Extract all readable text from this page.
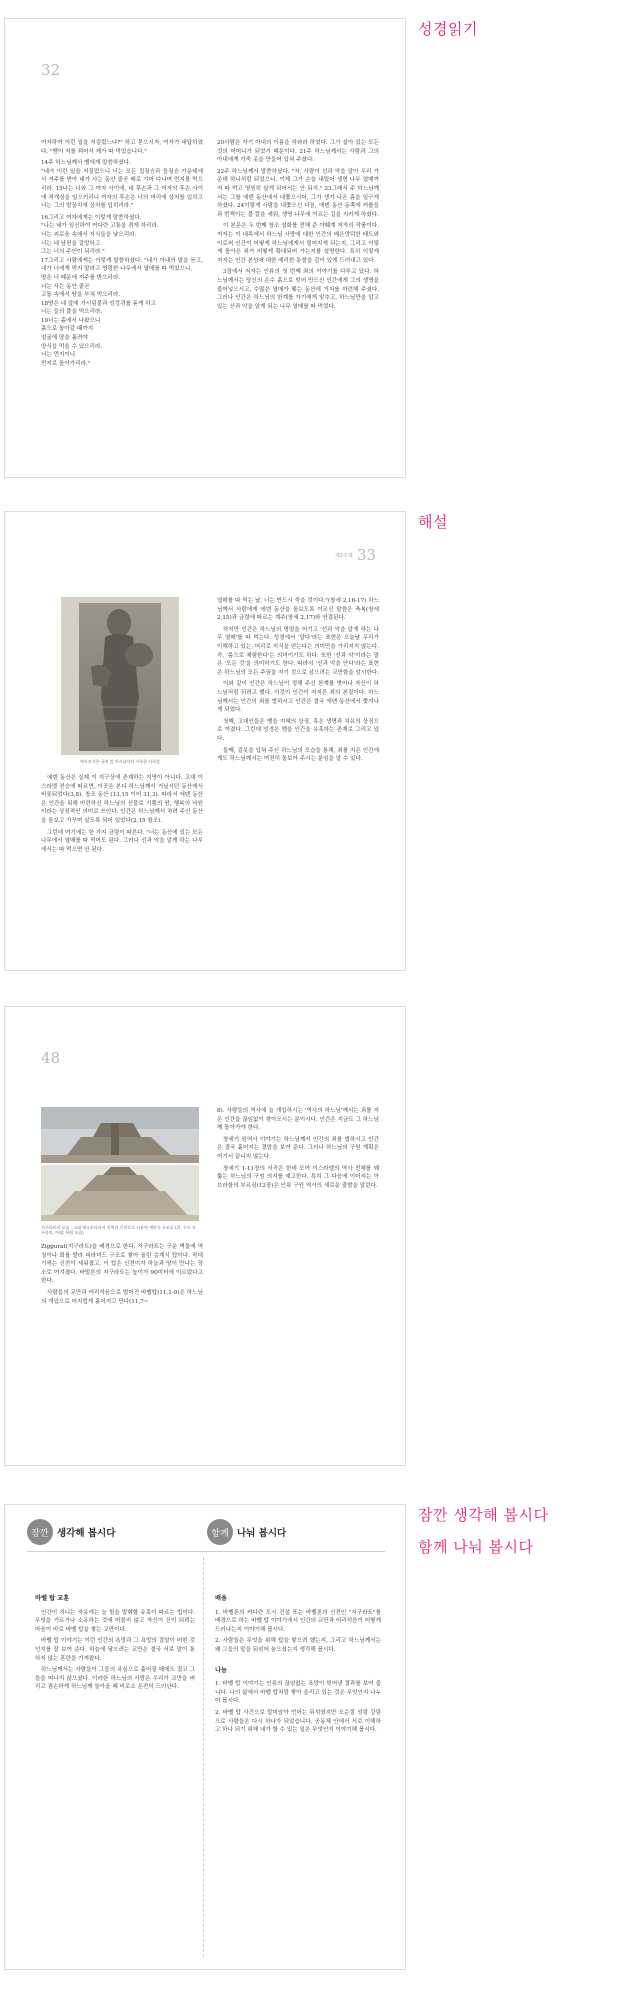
성경읽기
해설
잠깐 생각해 봅시다
함께 나눠 봅시다
32

여자하여 이런 일을 저질렀느냐?" 하고 묻으시자, 여자가 대답하였다. "뱀이 저를 꾀어서 제가 따 먹었습니다."

14주 하느님께서 뱀에게 말씀하셨다.

"네가 이런 일을 저질렀으니 너는 모든 집짐승과 들짐승 가운데에서 저주를 받아 네가 사는 동안 줄곧 배로 기어 다니며 먼지를 먹으리라. 15나는 너와 그 여자 사이에, 네 후손과 그 여자의 후손 사이에 적개심을 일으키리니 여자의 후손은 너의 머리에 상처를 입히고 너는 그의 발꿈치에 상처를 입히리라."

16그리고 여자에게는 이렇게 말씀하셨다.

"나는 네가 임신하여 커다란 고통을 겪게 하리라.

너는 괴로움 속에서 자식들을 낳으리라.

너는 네 남편을 갈망하고

그는 너의 주인이 되리라."

17그리고 사람에게는 이렇게 말씀하셨다. "네가 아내의 말을 듣고, 내가 너에게 먹지 말라고 명령한 나무에서 열매를 따 먹었으니,

땅은 너 때문에 저주를 받으리라.

너는 사는 동안 줄곧

고통 속에서 땅을 부쳐 먹으리라.

18땅은 네 앞에 가시덤불과 엉겅퀴를 돋게 하고

너는 들의 풀을 먹으리라.

19너는 흙에서 나왔으니

흙으로 돌아갈 때까지

얼굴에 땀을 흘려야

양식을 먹을 수 있으리라.

너는 먼지이니

먼지로 돌아가리라."

20사람은 자기 아내의 이름을 하와라 하였다. 그가 살아 있는 모든 것의 어머니가 되었기 때문이다. 21주 하느님께서는 사람과 그의 아내에게 가죽 옷을 만들어 입혀 주셨다.

22주 하느님께서 말씀하셨다. "자, 사람이 선과 악을 알아 우리 가운데 하나처럼 되었으니, 이제 그가 손을 내밀어 생명 나무 열매까지 따 먹고 영원히 살게 되어서는 안 되지." 23그래서 주 하느님께서는 그를 에덴 동산에서 내쫓으시어, 그가 생겨 나온 흙을 일구게 하셨다. 24이렇게 사람을 내쫓으신 다음, 에덴 동산 동쪽에 커룹들과 번쩍이는 불 칼을 세워, 생명 나무에 이르는 길을 지키게 하셨다.

이 본문은 두 번째 창조 설화를 전해 준 야훼계 저자의 작품이다. 저자는 이 대목에서 하느님 사랑에 대한 인간의 배은망덕한 태도와 이로써 인간이 어떻게 하느님에게서 멀어지게 되는지, 그리고 이렇게 돌아온 죄가 어떻게 확대되어 가는지를 설명한다. 특히 이렇게 저자는 인간 본성에 대한 예리한 통찰을 감이 있게 드러내고 있다.

3장에서 저자는 인류의 첫 번째 죄의 이야기를 다루고 있다. 하느님께서는 당신의 손수 흙으로 빚어 만드신 인간에게 그의 생명을 불어넣으시고, 수많은 열매가 맺는 동산에 거처를 마련해 주셨다. 그러나 인간은 하느님의 한계를 자기에게 맞추고, 하느님만을 알고 있는 선과 악을 알게 되는 나무 열매를 따 먹었다.

제2주제 33
야사르가온 궁전 앞 아시리아의 거룩한 사자상

에덴 동산은 실제 이 지구상에 존재하는 지명이 아니다. 고대 이스라엘 전승에 따르면, 이곳은 본디 하느님께서 거닐시던 동산에서 비롯되었다(3,8). 창조 동산 (13,15 이어 31,3). 따라서 에덴 동산은 인간을 위해 마련하신 하느님의 선물로 기쁨의 땅, 행복의 낙원이라는 상징적인 의미로 쓰인다. 인간은 하느님께서 차려 주신 동산을 돌보고 가꾸며 살도록 되어 있었다(2,15 참조).

그런데 여기에는 한 가지 금령이 따른다. "너는 동산에 있는 모든 나무에서 열매를 따 먹어도 된다. 그러나 선과 악을 알게 하는 나무에서는 따 먹으면 안 된다.

열매를 따 먹는 날, 너는 반드시 죽을 것이다."(창세 2,16-17) 하느님께서 사람에게 에덴 동산을 돌보도록 이르신 말씀은 축복(창세 2,15)과 금령에 따르는 계주(창세 2,17)와 연결된다.

하지만 인간은 하느님의 명령을 어기고 '선과 악을 알게 하는 나무 열매'를 따 먹는다. 성경에서 '알다'라는 표현은 오늘날 우리가 이해하고 있는, 머리로 지식을 얻는다는 의미만을 가리지지 않는다. 즉, '몸으로 체험한다'는 의미이기도 하다. 또한 '선과 악'이라는 말은 '모든 것'을 의미하기도 한다. 따라서 '선과 악을 안다'라는 표현은 하느님의 모든 주권을 자기 것으로 삼으려는 교만함을 암시한다.

이와 같이 인간은 하느님이 정해 주신 한계를 벗어나 자신이 하느님처럼 되려고 했다. 이것이 인간이 저지른 죄의 본질이다. 하느님께서는 인간의 죄를 벌하시고 인간은 결국 에덴 동산에서 쫓겨나게 되었다.

첫째, 고대인들은 뱀을 지혜의 상징, 혹은 생명과 치유의 상징으로 여겼다. 그런데 성경은 뱀을 인간을 유혹하는 존재로 그리고 있다.

둘째, 겉옷을 입혀 주신 하느님의 모습을 통해, 죄를 지은 인간에게도 하느님께서는 여전히 돌보아 주시는 분임을 알 수 있다.

48
지구라트의 모습 : 고대 메소포타미아 지역의 신전으로 사용된 계단식 구조물 (위: 우르 지구라트, 아래: 복원 모습)

Ziggurat(지구라트)을 배경으로 한다. 지구라트는 구운 벽돌에 역청이나 회를 발라 피라미드 구조로 쌓아 올린 층계식 탑이다. 꼭대기에는 신전이 세워졌고, 이 탑은 신전이자 하늘과 땅이 만나는 장소로 여겨졌다. 바빌론의 지구라트는 높이가 90미터에 이르렀다고 한다.

사람들의 교만과 어리석음으로 벌어진 바벨탑(11,1-9)은 하느님의 개입으로 어지럽게 흩어지고 만다(11,7~

8). 사람들의 역사에 늘 개입하시는 '역사의 하느님'께서는 죄를 지은 인간을 끊임없이 찾아오시는 분이시다. 인간은 지금도 그 하느님께 돌아가야 한다.

창세기 원역사 이야기는 하느님께서 인간의 죄를 벌하시고 인간은 결국 흩어지는 결말을 보여 준다. 그러나 하느님의 구원 계획은 여기서 끝나지 않는다.

창세기 1-11장의 서곡은 한데 모여 이스라엘의 역사 전체를 꿰뚫는 하느님의 구원 의지를 예고한다. 특히 그 다음에 이어지는 아브라함의 부르심(12장)은 인류 구원 역사의 새로운 출발을 알린다.

잠깐 생각해 봅시다	함께 나눠 봅시다
바벨 탑 교훈

인간이 지니는 자유에는 늘 힘을 발휘할 유혹이 따르는 법이다. 무엇을 기르거나 소유하는 것에 머물지 않고 자신이 신이 되려는 마음이 바로 바벨 탑을 쌓는 교만이다.

바벨 탑 이야기는 이런 인간의 욕망과 그 욕망의 결말이 어떤 것인지를 잘 보여 준다. 하늘에 닿으려는 교만은 결국 서로 말이 통하지 않는 혼란을 가져왔다.

하느님께서는 사람들이 그들의 욕심으로 흩어질 때에도 결코 그들을 떠나지 않으셨다. 이러한 하느님의 사랑은 우리가 교만을 버리고 겸손하게 하느님께 돌아올 때 비로소 온전히 드러난다.

배움

1. 바벨론의 커다란 도시 건설 또는 바벨론의 신전인 "지구라트"를 배경으로 하는 바벨 탑 이야기에서 인간의 교만과 어리석음이 어떻게 드러나는지 이야기해 봅시다.

2. 사람들은 무엇을 위해 탑을 쌓으려 했는지, 그리고 하느님께서는 왜 그들의 말을 뒤섞어 놓으셨는지 생각해 봅시다.

나눔

1. 바벨 탑 이야기는 인류의 끊임없는 욕망이 빚어낸 결과를 보여 줍니다. 나의 삶에서 바벨 탑처럼 쌓아 올리고 있는 것은 무엇인지 나누어 봅시다.

2. 바벨 탑 사건으로 말미암아 언어는 뒤섞였지만 오순절 성령 강림으로 사람들은 다시 하나가 되었습니다. 공동체 안에서 서로 이해하고 하나 되기 위해 내가 할 수 있는 일은 무엇인지 이야기해 봅시다.
